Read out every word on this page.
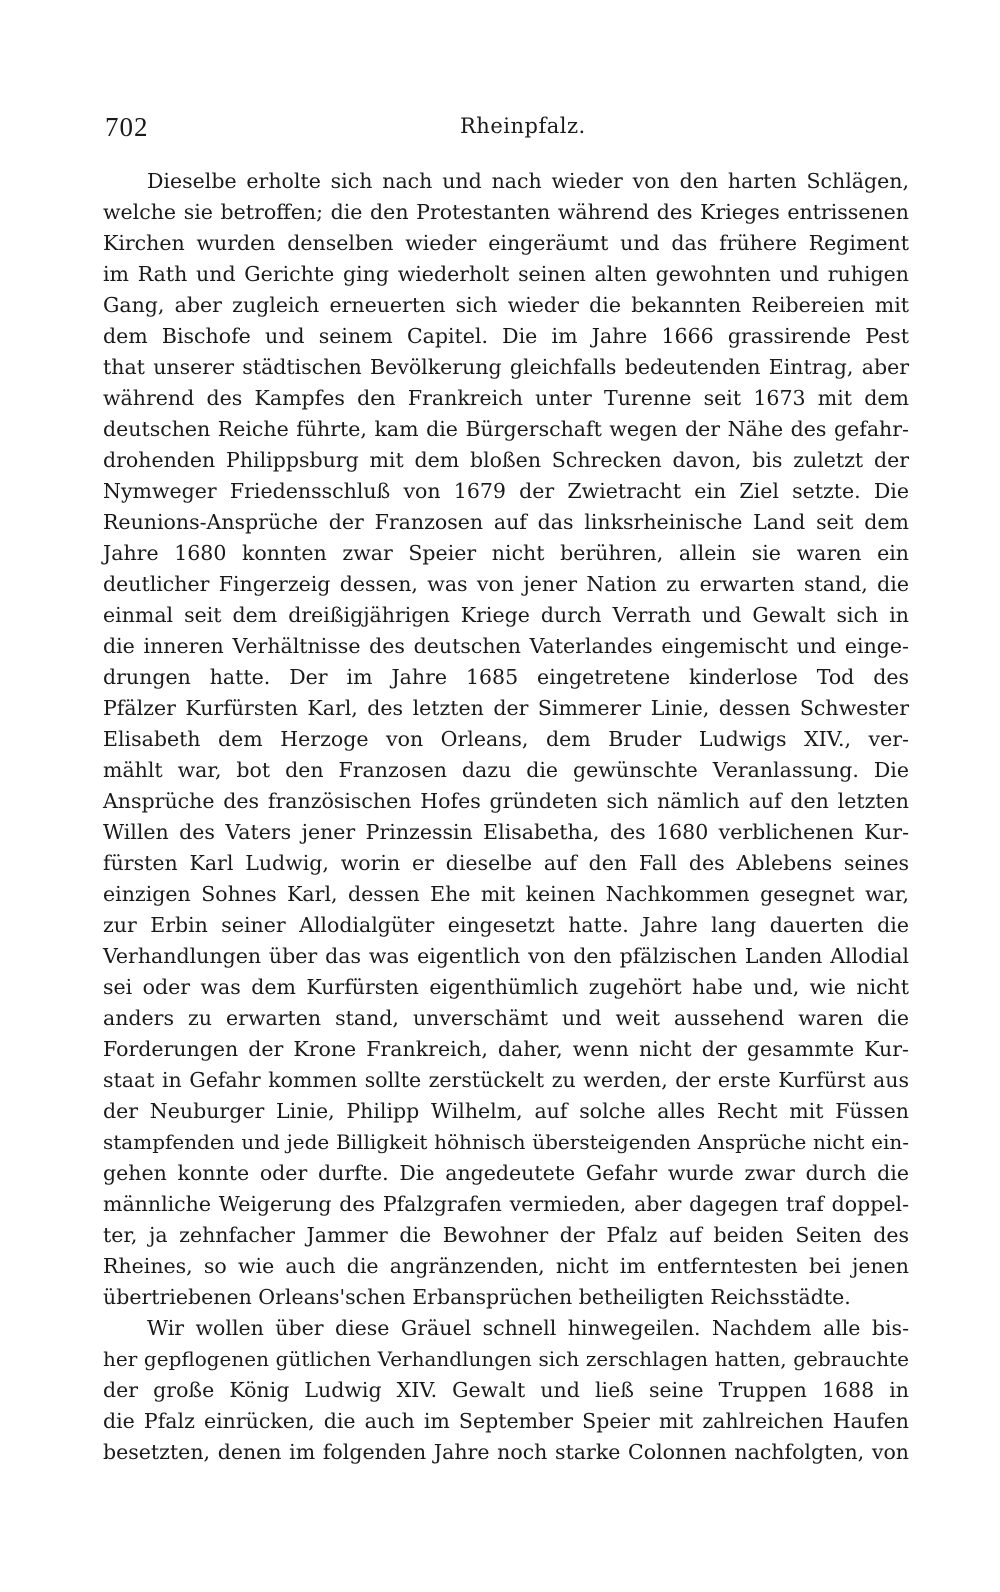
702	Rheinpfalz.
Dieselbe erholte sich nach und nach wieder von den harten Schlägen,
welche sie betroffen; die den Protestanten während des Krieges entrissenen
Kirchen wurden denselben wieder eingeräumt und das frühere Regiment
im Rath und Gerichte ging wiederholt seinen alten gewohnten und ruhigen
Gang, aber zugleich erneuerten sich wieder die bekannten Reibereien mit
dem Bischofe und seinem Capitel. Die im Jahre 1666 grassirende Pest
that unserer städtischen Bevölkerung gleichfalls bedeutenden Eintrag, aber
während des Kampfes den Frankreich unter Turenne seit 1673 mit dem
deutschen Reiche führte, kam die Bürgerschaft wegen der Nähe des gefahr-
drohenden Philippsburg mit dem bloßen Schrecken davon, bis zuletzt der
Nymweger Friedensschluß von 1679 der Zwietracht ein Ziel setzte. Die
Reunions-Ansprüche der Franzosen auf das linksrheinische Land seit dem
Jahre 1680 konnten zwar Speier nicht berühren, allein sie waren ein
deutlicher Fingerzeig dessen, was von jener Nation zu erwarten stand, die
einmal seit dem dreißigjährigen Kriege durch Verrath und Gewalt sich in
die inneren Verhältnisse des deutschen Vaterlandes eingemischt und einge-
drungen hatte. Der im Jahre 1685 eingetretene kinderlose Tod des
Pfälzer Kurfürsten Karl, des letzten der Simmerer Linie, dessen Schwester
Elisabeth dem Herzoge von Orleans, dem Bruder Ludwigs XIV., ver-
mählt war, bot den Franzosen dazu die gewünschte Veranlassung. Die
Ansprüche des französischen Hofes gründeten sich nämlich auf den letzten
Willen des Vaters jener Prinzessin Elisabetha, des 1680 verblichenen Kur-
fürsten Karl Ludwig, worin er dieselbe auf den Fall des Ablebens seines
einzigen Sohnes Karl, dessen Ehe mit keinen Nachkommen gesegnet war,
zur Erbin seiner Allodialgüter eingesetzt hatte. Jahre lang dauerten die
Verhandlungen über das was eigentlich von den pfälzischen Landen Allodial
sei oder was dem Kurfürsten eigenthümlich zugehört habe und, wie nicht
anders zu erwarten stand, unverschämt und weit aussehend waren die
Forderungen der Krone Frankreich, daher, wenn nicht der gesammte Kur-
staat in Gefahr kommen sollte zerstückelt zu werden, der erste Kurfürst aus
der Neuburger Linie, Philipp Wilhelm, auf solche alles Recht mit Füssen
stampfenden und jede Billigkeit höhnisch übersteigenden Ansprüche nicht ein-
gehen konnte oder durfte. Die angedeutete Gefahr wurde zwar durch die
männliche Weigerung des Pfalzgrafen vermieden, aber dagegen traf doppel-
ter, ja zehnfacher Jammer die Bewohner der Pfalz auf beiden Seiten des
Rheines, so wie auch die angränzenden, nicht im entferntesten bei jenen
übertriebenen Orleans'schen Erbansprüchen betheiligten Reichsstädte.
Wir wollen über diese Gräuel schnell hinwegeilen. Nachdem alle bis-
her gepflogenen gütlichen Verhandlungen sich zerschlagen hatten, gebrauchte
der große König Ludwig XIV. Gewalt und ließ seine Truppen 1688 in
die Pfalz einrücken, die auch im September Speier mit zahlreichen Haufen
besetzten, denen im folgenden Jahre noch starke Colonnen nachfolgten, von
